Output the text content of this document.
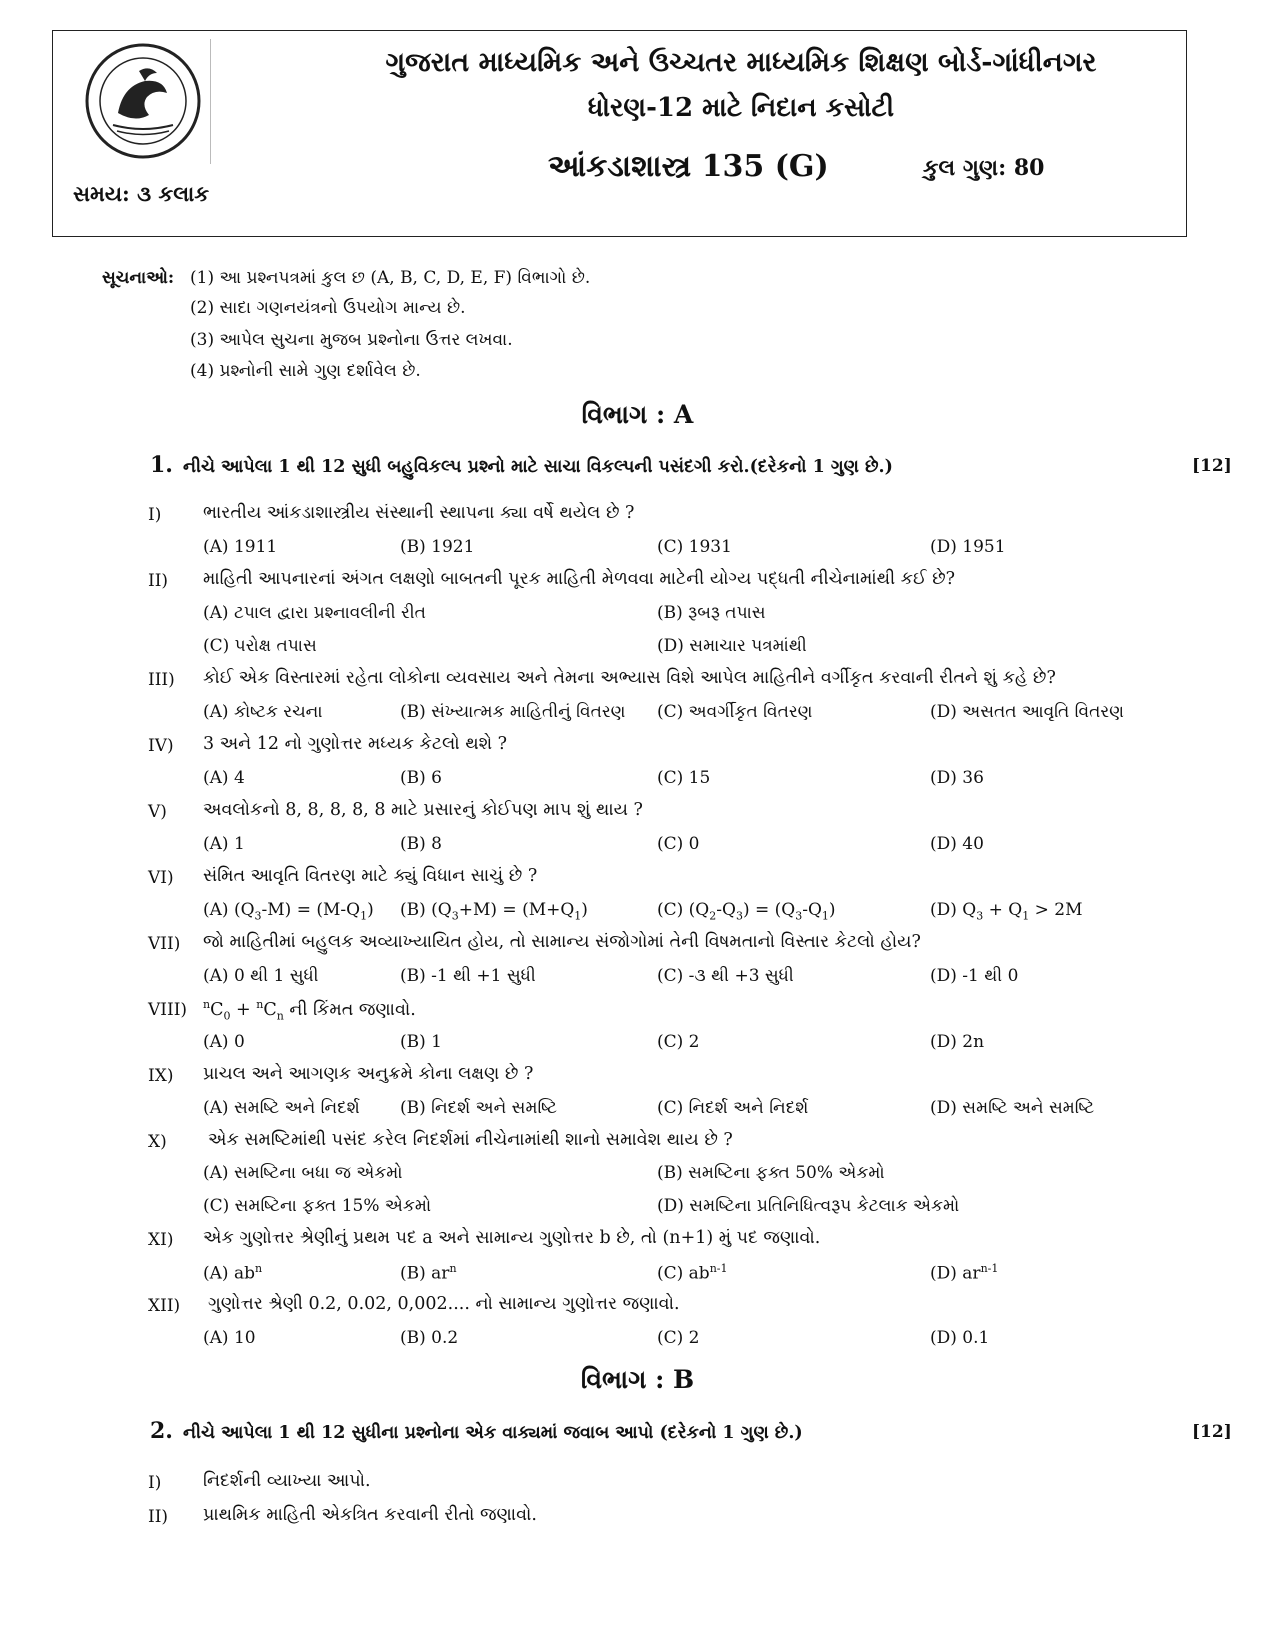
ગુજરાત માધ્યમિક અને ઉચ્ચતર માધ્યમિક શિક્ષણ બોર્ડ-ગાંધીનગર
ધોરણ-12 માટે નિદાન કસોટી
આંકડાશાસ્ત્ર 135 (G)	કુલ ગુણ: 80
સમય: ૩ કલાક
સૂચનાઓ: (1) આ પ્રશ્નપત્રમાં કુલ છ (A, B, C, D, E, F) વિભાગો છે.
(2) સાદા ગણનયંત્રનો ઉપયોગ માન્ય છે.
(3) આપેલ સુચના મુજબ પ્રશ્નોના ઉત્તર લખવા.
(4) પ્રશ્નોની સામે ગુણ દર્શાવેલ છે.
વિભાગ : A
1. નીચે આપેલા 1 થી 12 સુધી બહુવિકલ્પ પ્રશ્નો માટે સાચા વિકલ્પની પસંદગી કરો.(દરેકનો 1 ગુણ છે.)	[12]
I) ભારતીય આંકડાશાસ્ત્રીય સંસ્થાની સ્થાપના ક્યા વર્ષે થયેલ છે ?
(A) 1911	(B) 1921	(C) 1931	(D) 1951
II) માહિતી આપનારનાં અંગત લક્ષણો બાબતની પૂરક માહિતી મેળવવા માટેની યોગ્ય પદ્ધતી નીચેનામાંથી કઈ છે?
(A) ટપાલ દ્વારા પ્રશ્નાવલીની રીત	(B) રૂબરૂ તપાસ
(C) પરોક્ષ તપાસ	(D) સમાચાર પત્રમાંથી
III) કોઈ એક વિસ્તારમાં રહેતા લોકોના વ્યવસાય અને તેમના અભ્યાસ વિશે આપેલ માહિતીને વર્ગીકૃત કરવાની રીતને શું કહે છે?
(A) કોષ્ટક રચના	(B) સંખ્યાત્મક માહિતીનું વિતરણ (C) અવર્ગીકૃત વિતરણ	(D) અસતત આવૃતિ વિતરણ
IV) 3 અને 12 નો ગુણોત્તર મધ્યક કેટલો થશે ?
(A) 4	(B) 6	(C) 15	(D) 36
V) અવલોકનો 8, 8, 8, 8, 8 માટે પ્રસારનું કોઈપણ માપ શું થાય ?
(A) 1	(B) 8	(C) 0	(D) 40
VI) સંમિત આવૃતિ વિતરણ માટે ક્યું વિધાન સાચું છે ?
(A) $(Q_3-M) = (M-Q_1)$ (B) $(Q_3+M) = (M+Q_1)$	(C) $(Q_2-Q_3) = (Q_3-Q_1)$	(D) $Q_3 + Q_1 > 2M$
VII) જો માહિતીમાં બહુલક અવ્યાખ્યાયિત હોય, તો સામાન્ય સંજોગોમાં તેની વિષમતાનો વિસ્તાર કેટલો હોય?
(A) 0 થી 1 સુધી	(B) -1 થી +1 સુધી	(C) -૩ થી +3 સુધી	(D) -1 થી 0
VIII) $^nC_0 + ^nC_n$ ની કિંમત જણાવો.
(A) 0	(B) 1	(C) 2	(D) 2n
IX) પ્રાચલ અને આગણક અનુક્રમે કોના લક્ષણ છે ?
(A) સમષ્ટિ અને નિદર્શ (B) નિદર્શ અને સમષ્ટિ	(C) નિદર્શ અને નિદર્શ	(D) સમષ્ટિ અને સમષ્ટિ
X) એક સમષ્ટિમાંથી પસંદ કરેલ નિદર્શમાં નીચેનામાંથી શાનો સમાવેશ થાય છે ?
(A) સમષ્ટિના બધા જ એકમો	(B) સમષ્ટિના ફક્ત 50% એકમો
(C) સમષ્ટિના ફક્ત 15% એકમો	(D) સમષ્ટિના પ્રતિનિધિત્વરૂપ કેટલાક એકમો
XI) એક ગુણોત્તર શ્રેણીનું પ્રથમ પદ a અને સામાન્ય ગુણોત્તર b છે, તો (n+1) મું પદ જણાવો.
(A) $ab^n$	(B) $ar^n$	(C) $ab^{n-1}$	(D) $ar^{n-1}$
XII) ગુણોત્તર શ્રેણી 0.2, 0.02, 0,002.... નો સામાન્ય ગુણોત્તર જણાવો.
(A) 10	(B) 0.2	(C) 2	(D) 0.1
વિભાગ : B
2. નીચે આપેલા 1 થી 12 સુધીના પ્રશ્નોના એક વાક્યમાં જવાબ આપો (દરેકનો 1 ગુણ છે.)	[12]
I) નિદર્શની વ્યાખ્યા આપો.
II) પ્રાથમિક માહિતી એકત્રિત કરવાની રીતો જણાવો.
